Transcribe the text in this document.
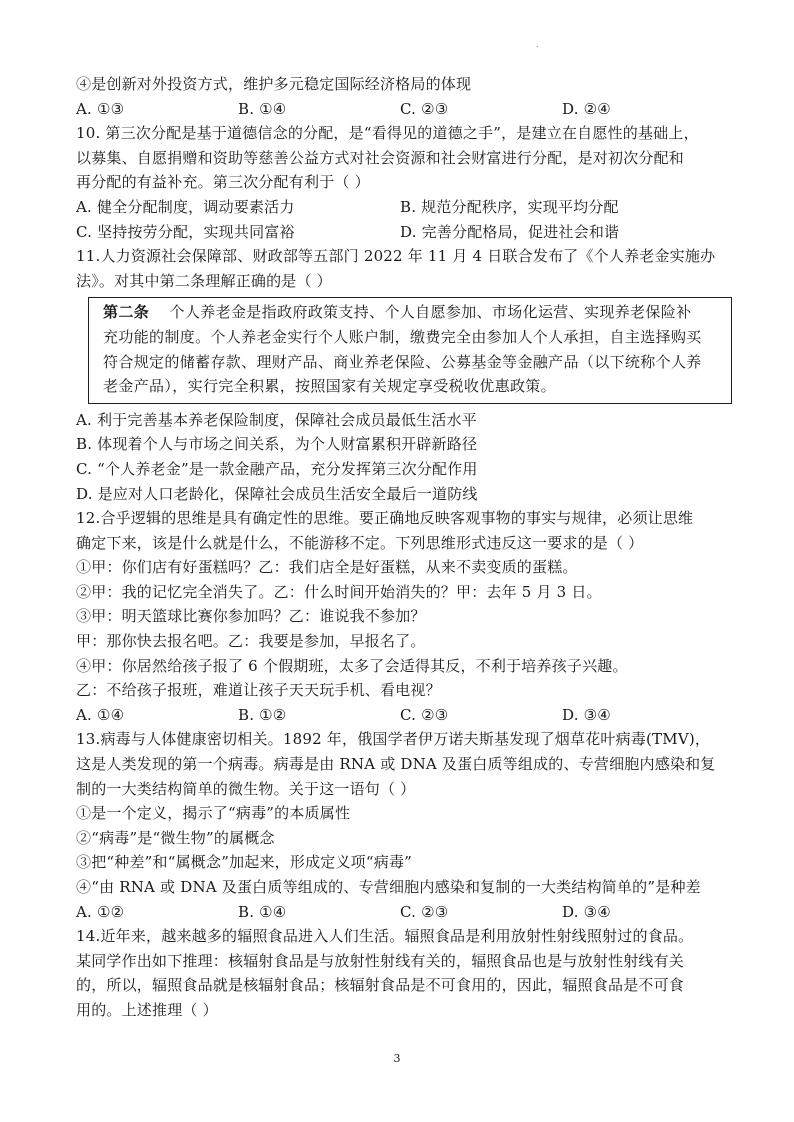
.
④是创新对外投资方式，维护多元稳定国际经济格局的体现
A. ①③	B. ①④	C. ②③	D. ②④
10. 第三次分配是基于道德信念的分配，是“看得见的道德之手”，是建立在自愿性的基础上，
以募集、自愿捐赠和资助等慈善公益方式对社会资源和社会财富进行分配，是对初次分配和
再分配的有益补充。第三次分配有利于（ ）
A. 健全分配制度，调动要素活力	B. 规范分配秩序，实现平均分配
C. 坚持按劳分配，实现共同富裕	D. 完善分配格局，促进社会和谐
11.人力资源社会保障部、财政部等五部门 2022 年 11 月 4 日联合发布了《个人养老金实施办
法》。对其中第二条理解正确的是（ ）
第二条 个人养老金是指政府政策支持、个人自愿参加、市场化运营、实现养老保险补
充功能的制度。个人养老金实行个人账户制，缴费完全由参加人个人承担，自主选择购买
符合规定的储蓄存款、理财产品、商业养老保险、公募基金等金融产品（以下统称个人养
老金产品），实行完全积累，按照国家有关规定享受税收优惠政策。
A. 利于完善基本养老保险制度，保障社会成员最低生活水平
B. 体现着个人与市场之间关系，为个人财富累积开辟新路径
C. “个人养老金”是一款金融产品，充分发挥第三次分配作用
D. 是应对人口老龄化，保障社会成员生活安全最后一道防线
12.合乎逻辑的思维是具有确定性的思维。要正确地反映客观事物的事实与规律，必须让思维
确定下来，该是什么就是什么，不能游移不定。下列思维形式违反这一要求的是（ ）
①甲：你们店有好蛋糕吗？乙：我们店全是好蛋糕，从来不卖变质的蛋糕。
②甲：我的记忆完全消失了。乙：什么时间开始消失的？甲：去年 5 月 3 日。
③甲：明天篮球比赛你参加吗？乙：谁说我不参加？
甲：那你快去报名吧。乙：我要是参加，早报名了。
④甲：你居然给孩子报了 6 个假期班，太多了会适得其反，不利于培养孩子兴趣。
乙：不给孩子报班，难道让孩子天天玩手机、看电视？
A. ①④	B. ①②	C. ②③	D. ③④
13.病毒与人体健康密切相关。1892 年，俄国学者伊万诺夫斯基发现了烟草花叶病毒(TMV)，
这是人类发现的第一个病毒。病毒是由 RNA 或 DNA 及蛋白质等组成的、专营细胞内感染和复
制的一大类结构简单的微生物。关于这一语句（ ）
①是一个定义，揭示了“病毒”的本质属性
②“病毒”是“微生物”的属概念
③把“种差”和“属概念”加起来，形成定义项“病毒”
④“由 RNA 或 DNA 及蛋白质等组成的、专营细胞内感染和复制的一大类结构简单的”是种差
A. ①②	B. ①④	C. ②③	D. ③④
14.近年来，越来越多的辐照食品进入人们生活。辐照食品是利用放射性射线照射过的食品。
某同学作出如下推理：核辐射食品是与放射性射线有关的，辐照食品也是与放射性射线有关
的，所以，辐照食品就是核辐射食品；核辐射食品是不可食用的，因此，辐照食品是不可食
用的。上述推理（ ）
3
